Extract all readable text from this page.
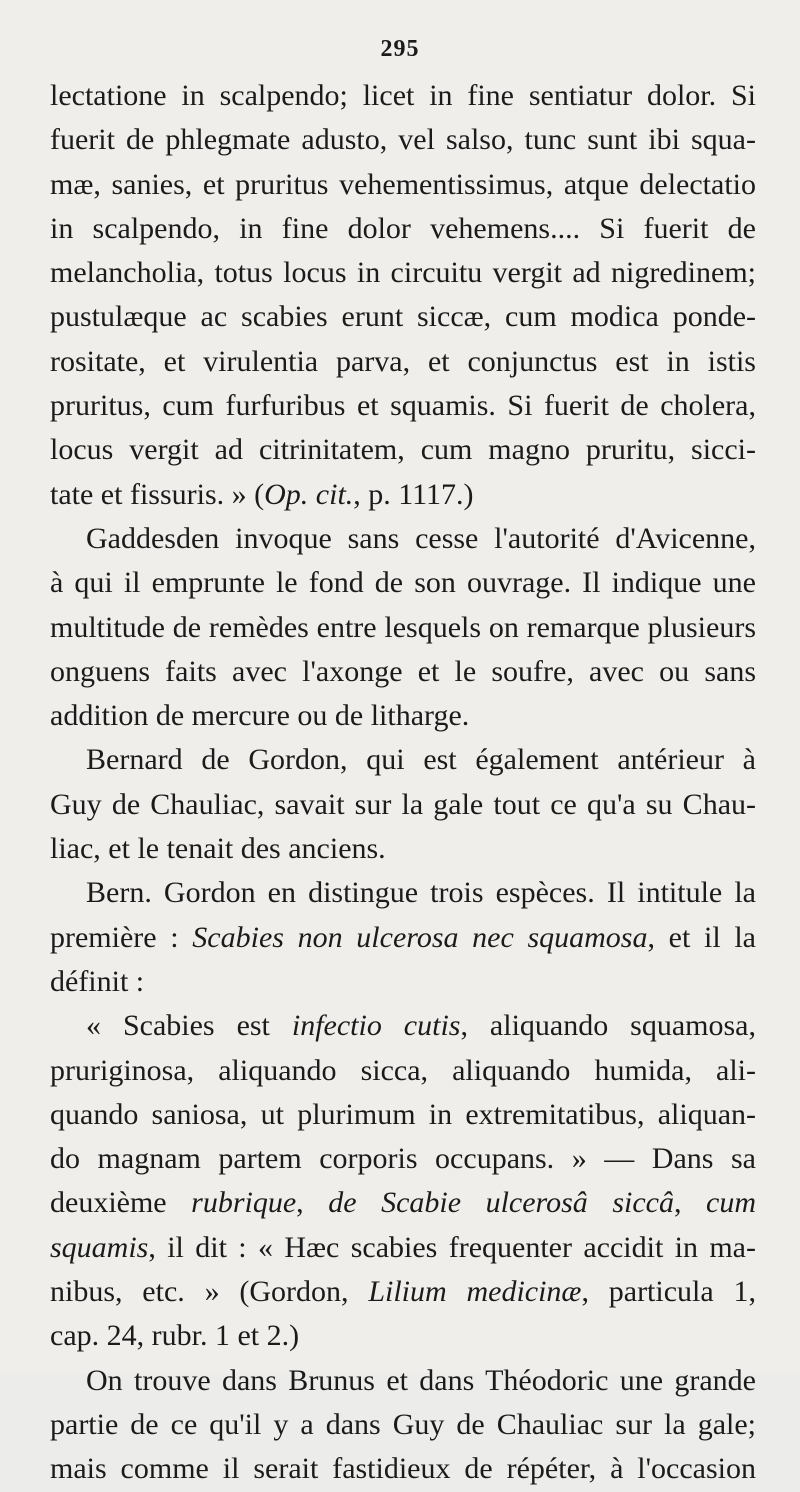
295
lectatione in scalpendo; licet in fine sentiatur dolor. Si
fuerit de phlegmate adusto, vel salso, tunc sunt ibi squa-
mæ, sanies, et pruritus vehementissimus, atque delectatio
in scalpendo, in fine dolor vehemens.... Si fuerit de
melancholia, totus locus in circuitu vergit ad nigredinem;
pustulæque ac scabies erunt siccæ, cum modica ponde-
rositate, et virulentia parva, et conjunctus est in istis
pruritus, cum furfuribus et squamis. Si fuerit de cholera,
locus vergit ad citrinitatem, cum magno pruritu, sicci-
tate et fissuris. » (Op. cit., p. 1117.)
Gaddesden invoque sans cesse l'autorité d'Avicenne,
à qui il emprunte le fond de son ouvrage. Il indique une
multitude de remèdes entre lesquels on remarque plusieurs
onguens faits avec l'axonge et le soufre, avec ou sans
addition de mercure ou de litharge.
Bernard de Gordon, qui est également antérieur à
Guy de Chauliac, savait sur la gale tout ce qu'a su Chau-
liac, et le tenait des anciens.
Bern. Gordon en distingue trois espèces. Il intitule la
première : Scabies non ulcerosa nec squamosa, et il la
définit :
« Scabies est infectio cutis, aliquando squamosa,
pruriginosa, aliquando sicca, aliquando humida, ali-
quando saniosa, ut plurimum in extremitatibus, aliquan-
do magnam partem corporis occupans. » — Dans sa
deuxième rubrique, de Scabie ulcerosâ siccâ, cum
squamis, il dit : « Hæc scabies frequenter accidit in ma-
nibus, etc. » (Gordon, Lilium medicinæ, particula 1,
cap. 24, rubr. 1 et 2.)
On trouve dans Brunus et dans Théodoric une grande
partie de ce qu'il y a dans Guy de Chauliac sur la gale;
mais comme il serait fastidieux de répéter, à l'occasion
